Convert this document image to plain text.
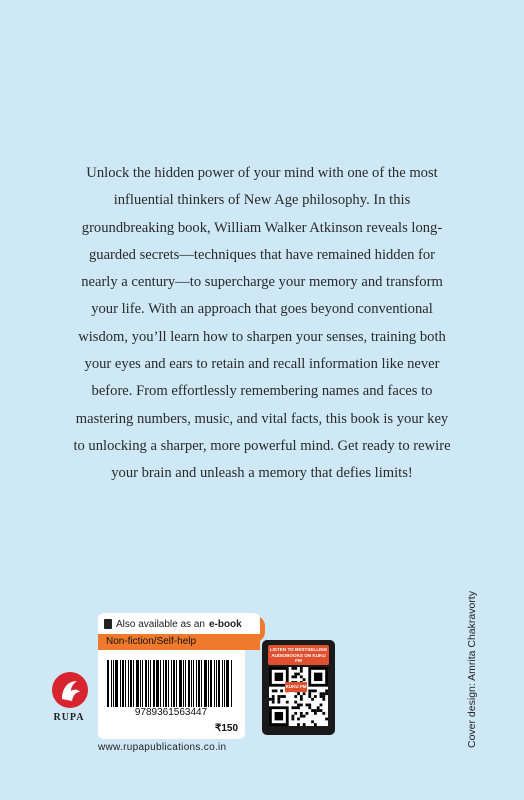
Unlock the hidden power of your mind with one of the most influential thinkers of New Age philosophy. In this groundbreaking book, William Walker Atkinson reveals long-guarded secrets—techniques that have remained hidden for nearly a century—to supercharge your memory and transform your life. With an approach that goes beyond conventional wisdom, you’ll learn how to sharpen your senses, training both your eyes and ears to retain and recall information like never before. From effortlessly remembering names and faces to mastering numbers, music, and vital facts, this book is your key to unlocking a sharper, more powerful mind. Get ready to rewire your brain and unleash a memory that defies limits!

Cover design: Amrita Chakravorty
RUPA
Also available as an e-book
Non-fiction/Self-help
9789361563447
₹150
www.rupapublications.co.in
LISTEN TO BESTSELLING AUDIOBOOKS ON KUKU FM
KUKU FM
